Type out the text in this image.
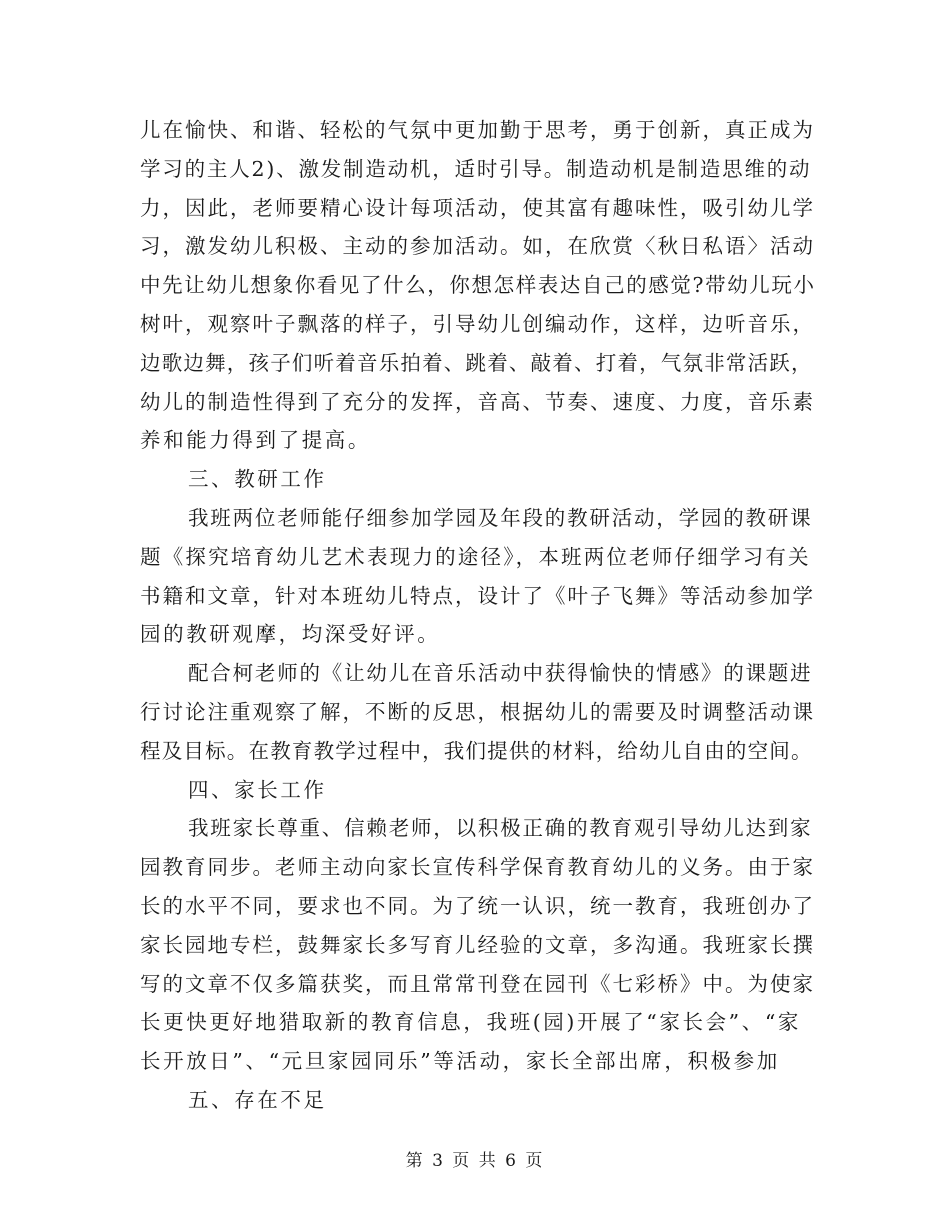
儿在愉快、和谐、轻松的气氛中更加勤于思考，勇于创新，真正成为
学习的主人2)、激发制造动机，适时引导。制造动机是制造思维的动
力，因此，老师要精心设计每项活动，使其富有趣味性，吸引幼儿学
习，激发幼儿积极、主动的参加活动。如，在欣赏〈秋日私语〉活动
中先让幼儿想象你看见了什么，你想怎样表达自己的感觉?带幼儿玩小
树叶，观察叶子飘落的样子，引导幼儿创编动作，这样，边听音乐，
边歌边舞，孩子们听着音乐拍着、跳着、敲着、打着，气氛非常活跃，
幼儿的制造性得到了充分的发挥，音高、节奏、速度、力度，音乐素
养和能力得到了提高。
三、教研工作
我班两位老师能仔细参加学园及年段的教研活动，学园的教研课
题《探究培育幼儿艺术表现力的途径》，本班两位老师仔细学习有关
书籍和文章，针对本班幼儿特点，设计了《叶子飞舞》等活动参加学
园的教研观摩，均深受好评。
配合柯老师的《让幼儿在音乐活动中获得愉快的情感》的课题进
行讨论注重观察了解，不断的反思，根据幼儿的需要及时调整活动课
程及目标。在教育教学过程中，我们提供的材料，给幼儿自由的空间。
四、家长工作
我班家长尊重、信赖老师，以积极正确的教育观引导幼儿达到家
园教育同步。老师主动向家长宣传科学保育教育幼儿的义务。由于家
长的水平不同，要求也不同。为了统一认识，统一教育，我班创办了
家长园地专栏，鼓舞家长多写育儿经验的文章，多沟通。我班家长撰
写的文章不仅多篇获奖，而且常常刊登在园刊《七彩桥》中。为使家
长更快更好地猎取新的教育信息，我班(园)开展了“家长会”、“家
长开放日”、“元旦家园同乐”等活动，家长全部出席，积极参加
五、存在不足
第 3 页 共 6 页
